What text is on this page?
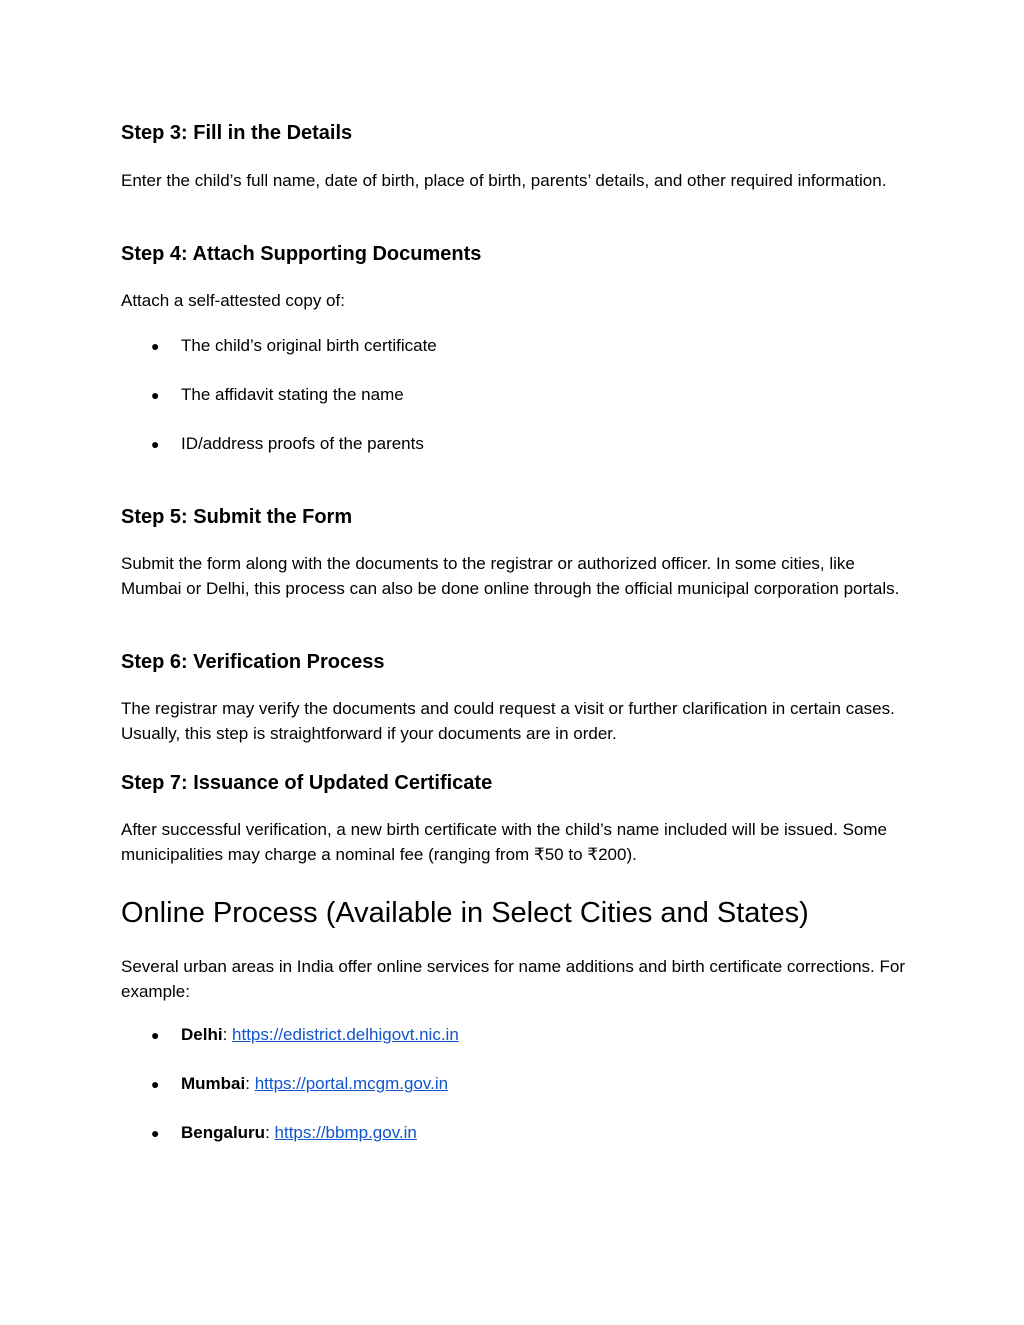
Step 3: Fill in the Details

Enter the child’s full name, date of birth, place of birth, parents’ details, and other required information.

Step 4: Attach Supporting Documents

Attach a self-attested copy of:

● The child’s original birth certificate
● The affidavit stating the name
● ID/address proofs of the parents
Step 5: Submit the Form

Submit the form along with the documents to the registrar or authorized officer. In some cities, like Mumbai or Delhi, this process can also be done online through the official municipal corporation portals.

Step 6: Verification Process

The registrar may verify the documents and could request a visit or further clarification in certain cases. Usually, this step is straightforward if your documents are in order.

Step 7: Issuance of Updated Certificate

After successful verification, a new birth certificate with the child’s name included will be issued. Some municipalities may charge a nominal fee (ranging from ₹50 to ₹200).

Online Process (Available in Select Cities and States)

Several urban areas in India offer online services for name additions and birth certificate corrections. For example:

● Delhi: https://edistrict.delhigovt.nic.in
● Mumbai: https://portal.mcgm.gov.in
● Bengaluru: https://bbmp.gov.in
